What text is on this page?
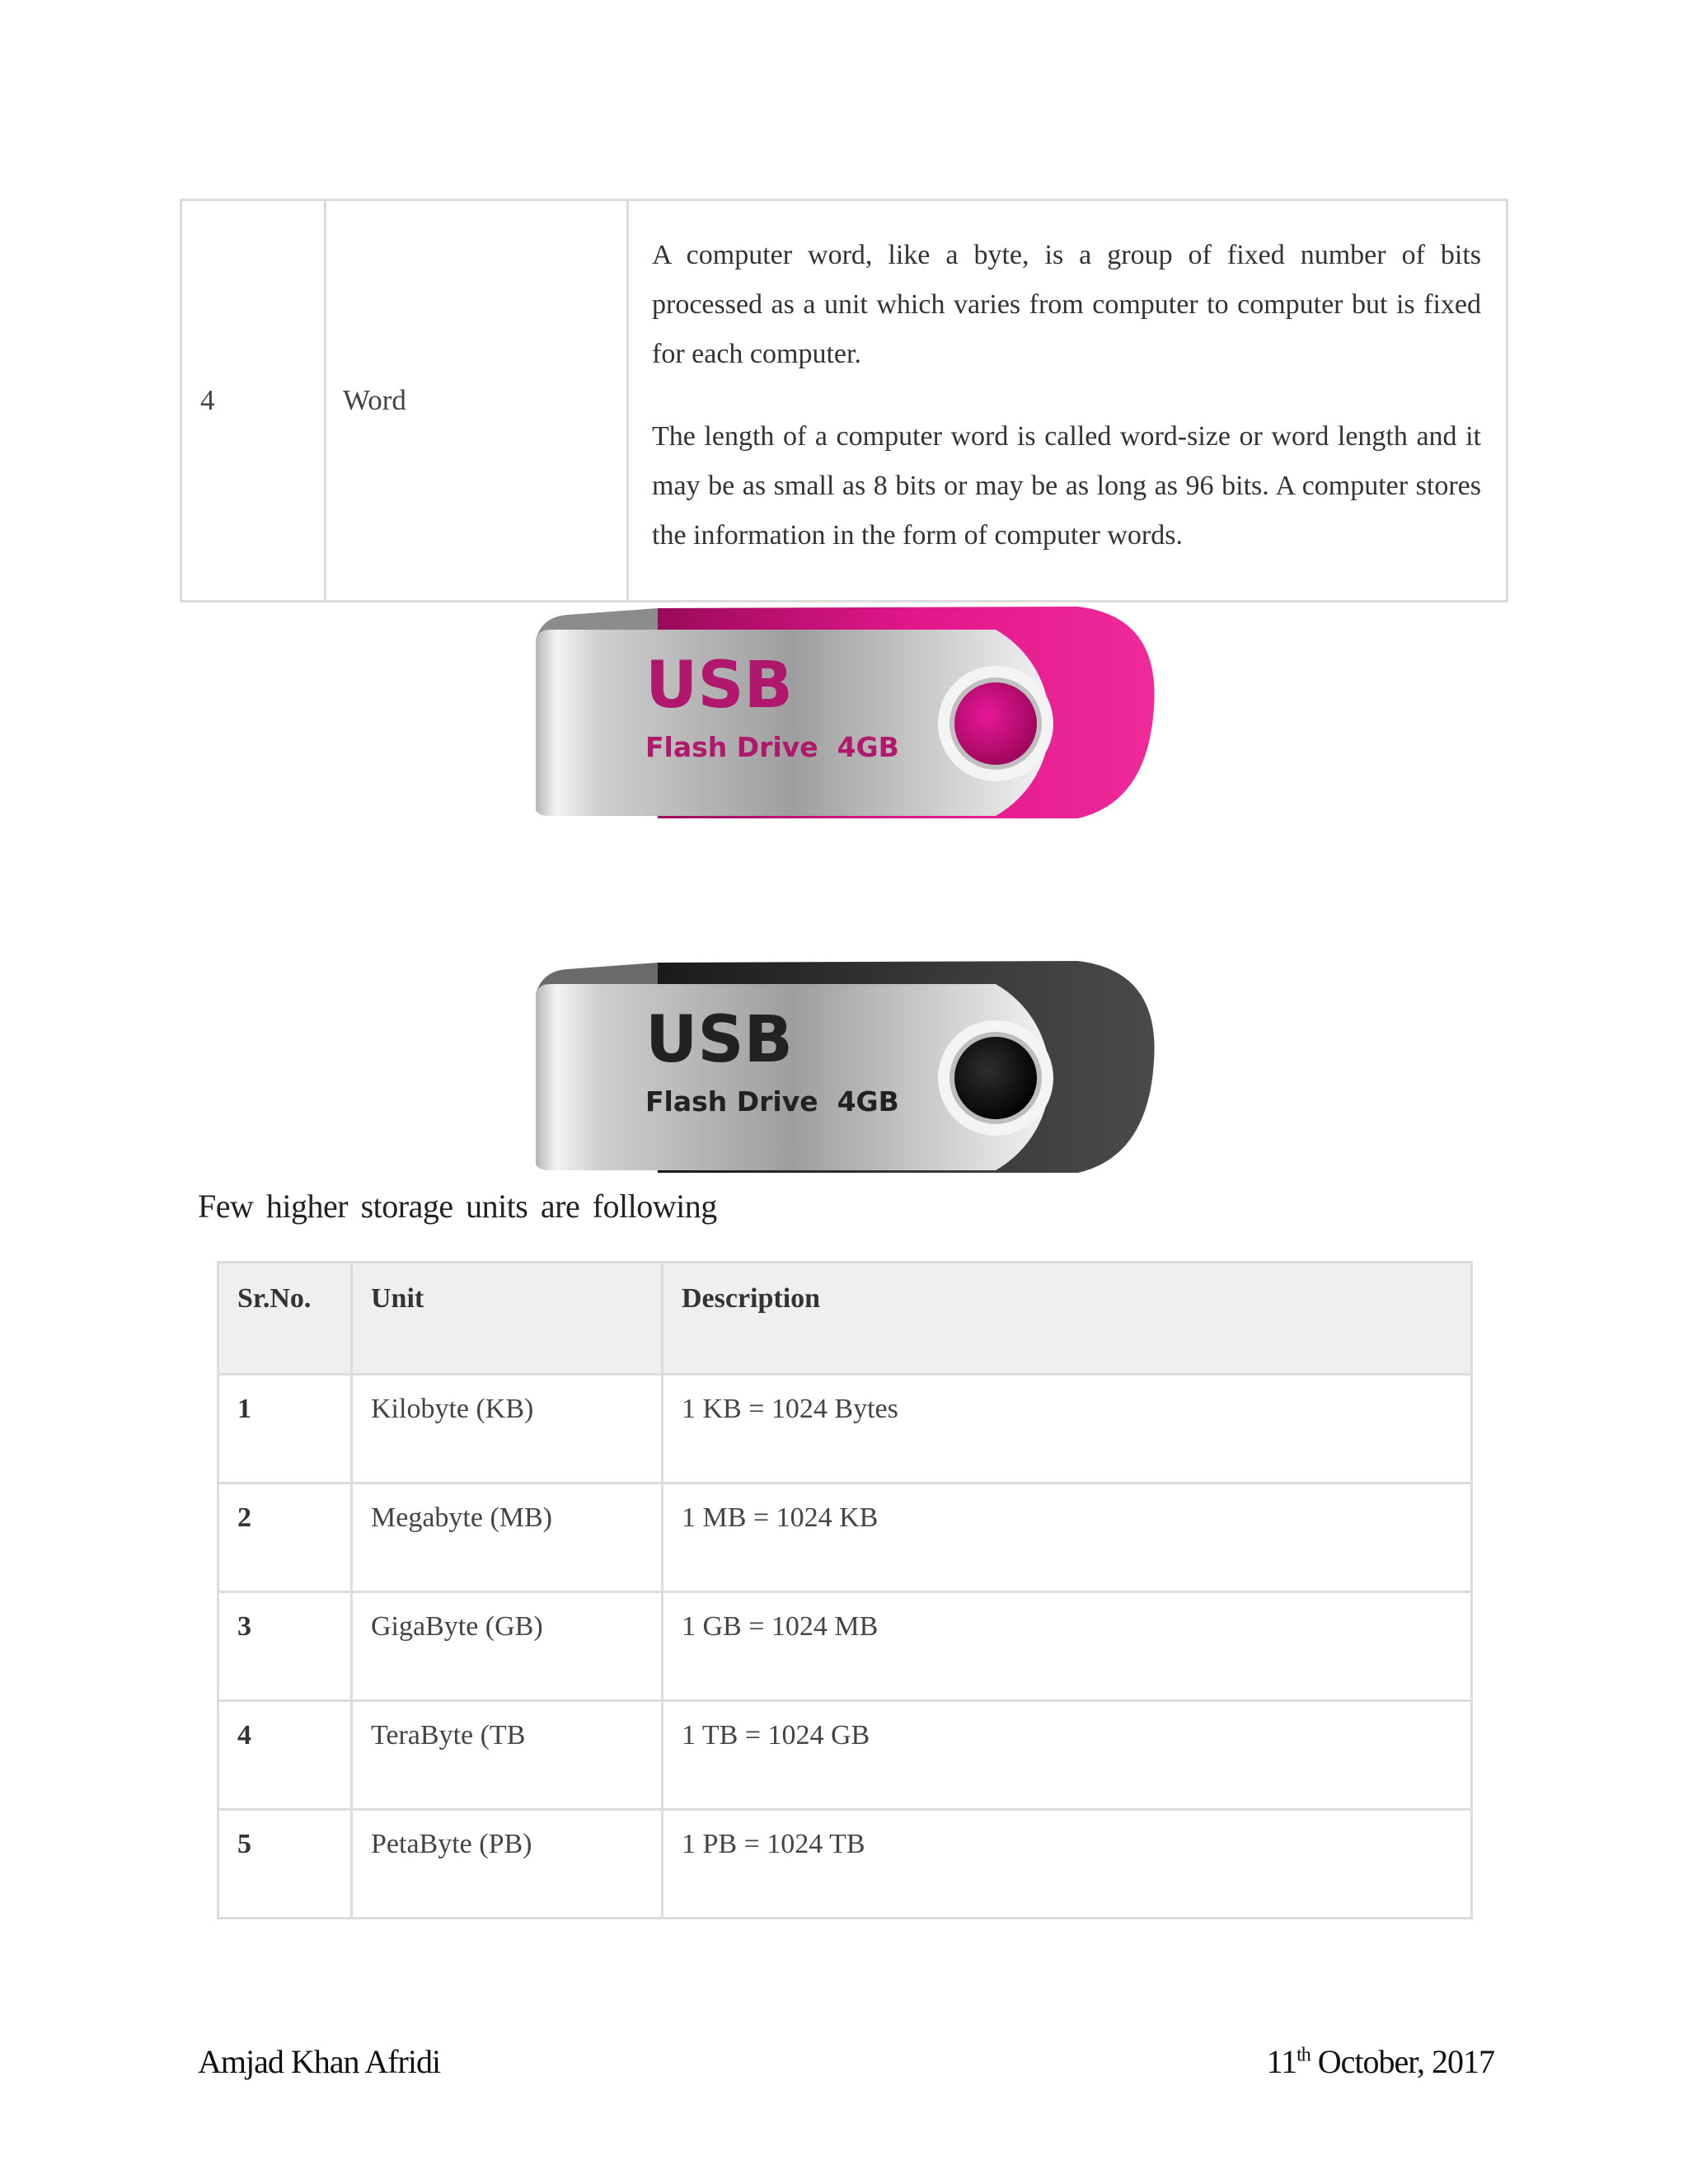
4	Word

A computer word, like a byte, is a group of fixed number of bits processed as a unit which varies from computer to computer but is fixed for each computer.

The length of a computer word is called word-size or word length and it may be as small as 8 bits or may be as long as 96 bits. A computer stores the information in the form of computer words.

USB
Flash Drive  4GB
USB
Flash Drive  4GB
Few higher storage units are following
Sr.No.	Unit	Description
1	Kilobyte (KB)	1 KB = 1024 Bytes
2	Megabyte (MB)	1 MB = 1024 KB
3	GigaByte (GB)	1 GB = 1024 MB
4	TeraByte (TB	1 TB = 1024 GB
5	PetaByte (PB)	1 PB = 1024 TB
Amjad Khan Afridi	11th October, 2017
